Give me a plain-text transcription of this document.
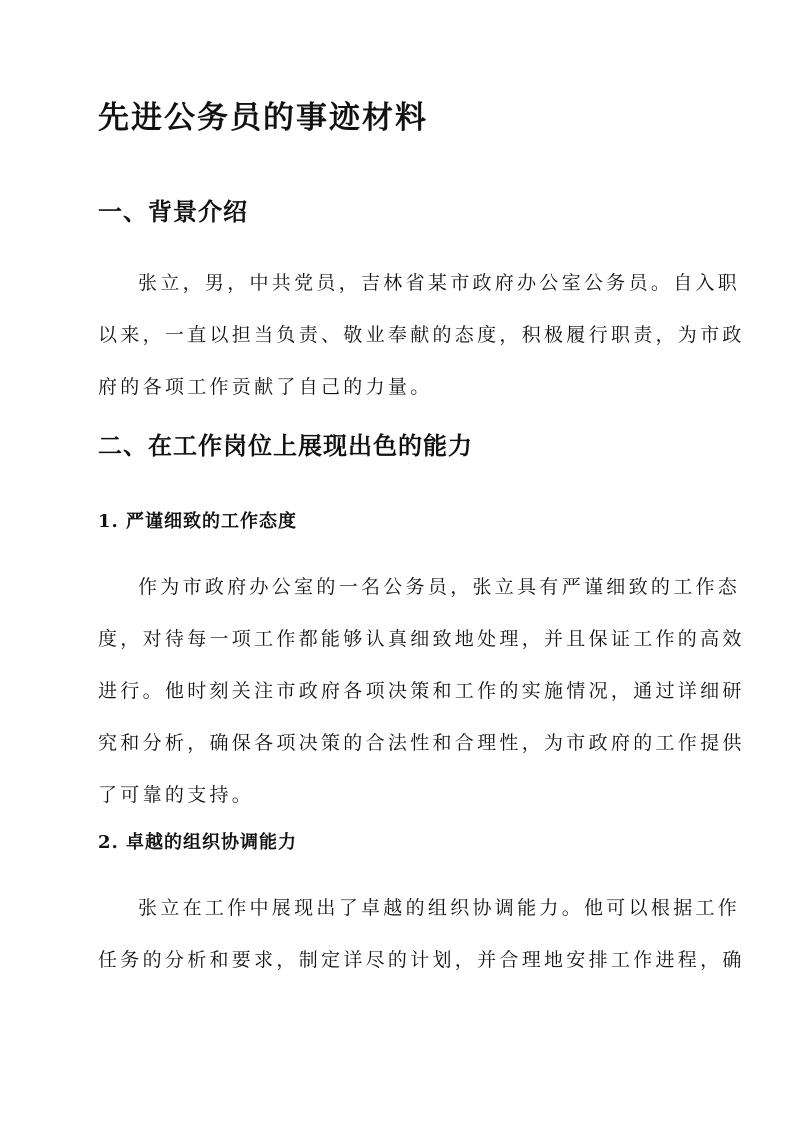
先进公务员的事迹材料
一、背景介绍
张立，男，中共党员，吉林省某市政府办公室公务员。自入职
以来，一直以担当负责、敬业奉献的态度，积极履行职责，为市政
府的各项工作贡献了自己的力量。
二、在工作岗位上展现出色的能力
1. 严谨细致的工作态度
作为市政府办公室的一名公务员，张立具有严谨细致的工作态
度，对待每一项工作都能够认真细致地处理，并且保证工作的高效
进行。他时刻关注市政府各项决策和工作的实施情况，通过详细研
究和分析，确保各项决策的合法性和合理性，为市政府的工作提供
了可靠的支持。
2. 卓越的组织协调能力
张立在工作中展现出了卓越的组织协调能力。他可以根据工作
任务的分析和要求，制定详尽的计划，并合理地安排工作进程，确
